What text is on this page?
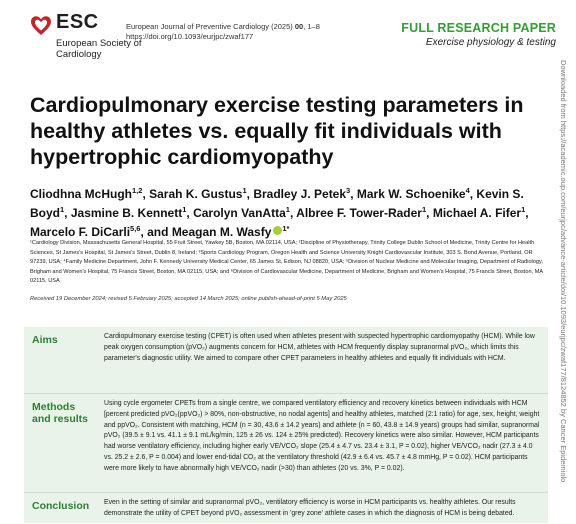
ESC
European Society of Cardiology
European Journal of Preventive Cardiology (2025) 00, 1–8
https://doi.org/10.1093/eurjpc/zwaf177
FULL RESEARCH PAPER
Exercise physiology & testing
Cardiopulmonary exercise testing parameters in healthy athletes vs. equally fit individuals with hypertrophic cardiomyopathy

Cliodhna McHugh$^{1,2}$, Sarah K. Gustus$^1$, Bradley J. Petek$^3$, Mark W. Schoenike$^4$, Kevin S. Boyd$^1$, Jasmine B. Kennett$^1$, Carolyn VanAtta$^1$, Albree F. Tower-Rader$^1$, Michael A. Fifer$^1$, Marcelo F. DiCarli$^{5,6}$, and Meagan M. Wasfy $^{1*}$

¹Cardiology Division, Massachusetts General Hospital, 55 Fruit Street, Yawkey 5B, Boston, MA 02114, USA; ²Discipline of Physiotherapy, Trinity College Dublin School of Medicine, Trinity Centre for Health Sciences, St James's Hospital, St James's Street, Dublin 8, Ireland; ³Sports Cardiology Program, Oregon Health and Science University Knight Cardiovascular Institute, 303 S. Bond Avenue, Portland, OR 97239, USA; ⁴Family Medicine Department, John F. Kennedy University Medical Center, 65 James St, Edison, NJ 08820, USA; ⁵Division of Nuclear Medicine and Molecular Imaging, Department of Radiology, Brigham and Women's Hospital, 75 Francis Street, Boston, MA 02115, USA; and ⁶Division of Cardiovascular Medicine, Department of Medicine, Brigham and Women's Hospital, 75 Francis Street, Boston, MA 02115, USA

Received 19 December 2024; revised 5 February 2025; accepted 14 March 2025; online publish-ahead-of-print 5 May 2025

Aims	Cardiopulmonary exercise testing (CPET) is often used when athletes present with suspected hypertrophic cardiomyopathy (HCM). While low peak oxygen consumption (pVO₂) augments concern for HCM, athletes with HCM frequently display supranormal pVO₂, which limits this parameter's diagnostic utility. We aimed to compare other CPET parameters in healthy athletes and equally fit individuals with HCM.
Methods and results
Using cycle ergometer CPETs from a single centre, we compared ventilatory efficiency and recovery kinetics between individuals with HCM [percent predicted pVO₂(ppVO₂) > 80%, non-obstructive, no nodal agents] and healthy athletes, matched (2:1 ratio) for age, sex, height, weight and ppVO₂. Consistent with matching, HCM (n = 30, 43.6 ± 14.2 years) and athlete (n = 60, 43.8 ± 14.9 years) groups had similar, supranormal pVO₂ (39.5 ± 9.1 vs. 41.1 ± 9.1 mL/kg/min, 125 ± 26 vs. 124 ± 25% predicted). Recovery kinetics were also similar. However, HCM participants had worse ventilatory efficiency, including higher early VE/VCO₂ slope (25.4 ± 4.7 vs. 23.4 ± 3.1, P = 0.02), higher VE/VCO₂ nadir (27.3 ± 4.0 vs. 25.2 ± 2.6, P = 0.004) and lower end-tidal CO₂ at the ventilatory threshold (42.9 ± 6.4 vs. 45.7 ± 4.8 mmHg, P = 0.02). HCM participants were more likely to have abnormally high VE/VCO₂ nadir (>30) than athletes (20 vs. 3%, P = 0.02).
Conclusion	Even in the setting of similar and supranormal pVO₂, ventilatory efficiency is worse in HCM participants vs. healthy athletes. Our results demonstrate the utility of CPET beyond pVO₂ assessment in 'grey zone' athlete cases in which the diagnosis of HCM is being debated.
Downloaded from https://academic.oup.com/eurjpc/advance-article/doi/10.1093/eurjpc/zwaf177/8124852 by Cancer Epidemiolo
